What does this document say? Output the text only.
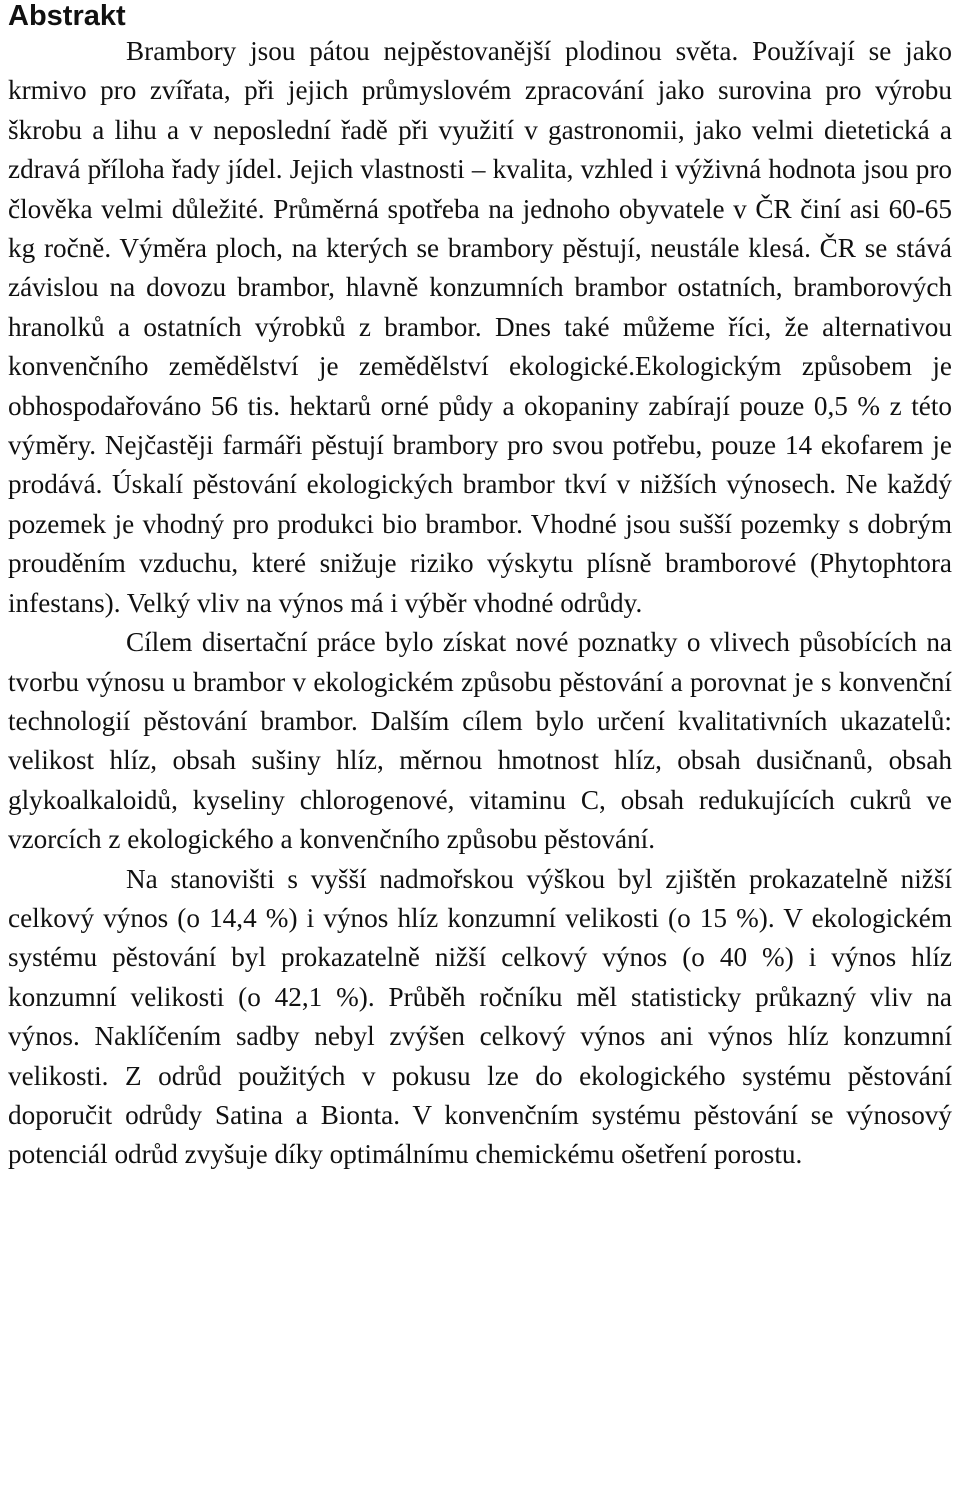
Abstrakt

Brambory jsou pátou nejpěstovanější plodinou světa. Používají se jako krmivo pro zvířata, při jejich průmyslovém zpracování jako surovina pro výrobu škrobu a lihu a v neposlední řadě při využití v gastronomii, jako velmi dietetická a zdravá příloha řady jídel. Jejich vlastnosti – kvalita, vzhled i výživná hodnota jsou pro člověka velmi důležité. Průměrná spotřeba na jednoho obyvatele v ČR činí asi 60-65 kg ročně. Výměra ploch, na kterých se brambory pěstují, neustále klesá. ČR se stává závislou na dovozu brambor, hlavně konzumních brambor ostatních, bramborových hranolků a ostatních výrobků z brambor. Dnes také můžeme říci, že alternativou konvenčního zemědělství je zemědělství ekologické.Ekologickým způsobem je obhospodařováno 56 tis. hektarů orné půdy a okopaniny zabírají pouze 0,5 % z této výměry. Nejčastěji farmáři pěstují brambory pro svou potřebu, pouze 14 ekofarem je prodává. Úskalí pěstování ekologických brambor tkví v nižších výnosech. Ne každý pozemek je vhodný pro produkci bio brambor. Vhodné jsou sušší pozemky s dobrým prouděním vzduchu, které snižuje riziko výskytu plísně bramborové (Phytophtora infestans). Velký vliv na výnos má i výběr vhodné odrůdy.

Cílem disertační práce bylo získat nové poznatky o vlivech působících na tvorbu výnosu u brambor v ekologickém způsobu pěstování a porovnat je s konvenční technologií pěstování brambor. Dalším cílem bylo určení kvalitativních ukazatelů: velikost hlíz, obsah sušiny hlíz, měrnou hmotnost hlíz, obsah dusičnanů, obsah glykoalkaloidů, kyseliny chlorogenové, vitaminu C, obsah redukujících cukrů ve vzorcích z ekologického a konvenčního způsobu pěstování.

Na stanovišti s vyšší nadmořskou výškou byl zjištěn prokazatelně nižší celkový výnos (o 14,4 %) i výnos hlíz konzumní velikosti (o 15 %). V ekologickém systému pěstování byl prokazatelně nižší celkový výnos (o 40 %) i výnos hlíz konzumní velikosti (o 42,1 %). Průběh ročníku měl statisticky průkazný vliv na výnos. Naklíčením sadby nebyl zvýšen celkový výnos ani výnos hlíz konzumní velikosti. Z odrůd použitých v pokusu lze do ekologického systému pěstování doporučit odrůdy Satina a Bionta. V konvenčním systému pěstování se výnosový potenciál odrůd zvyšuje díky optimálnímu chemickému ošetření porostu.
